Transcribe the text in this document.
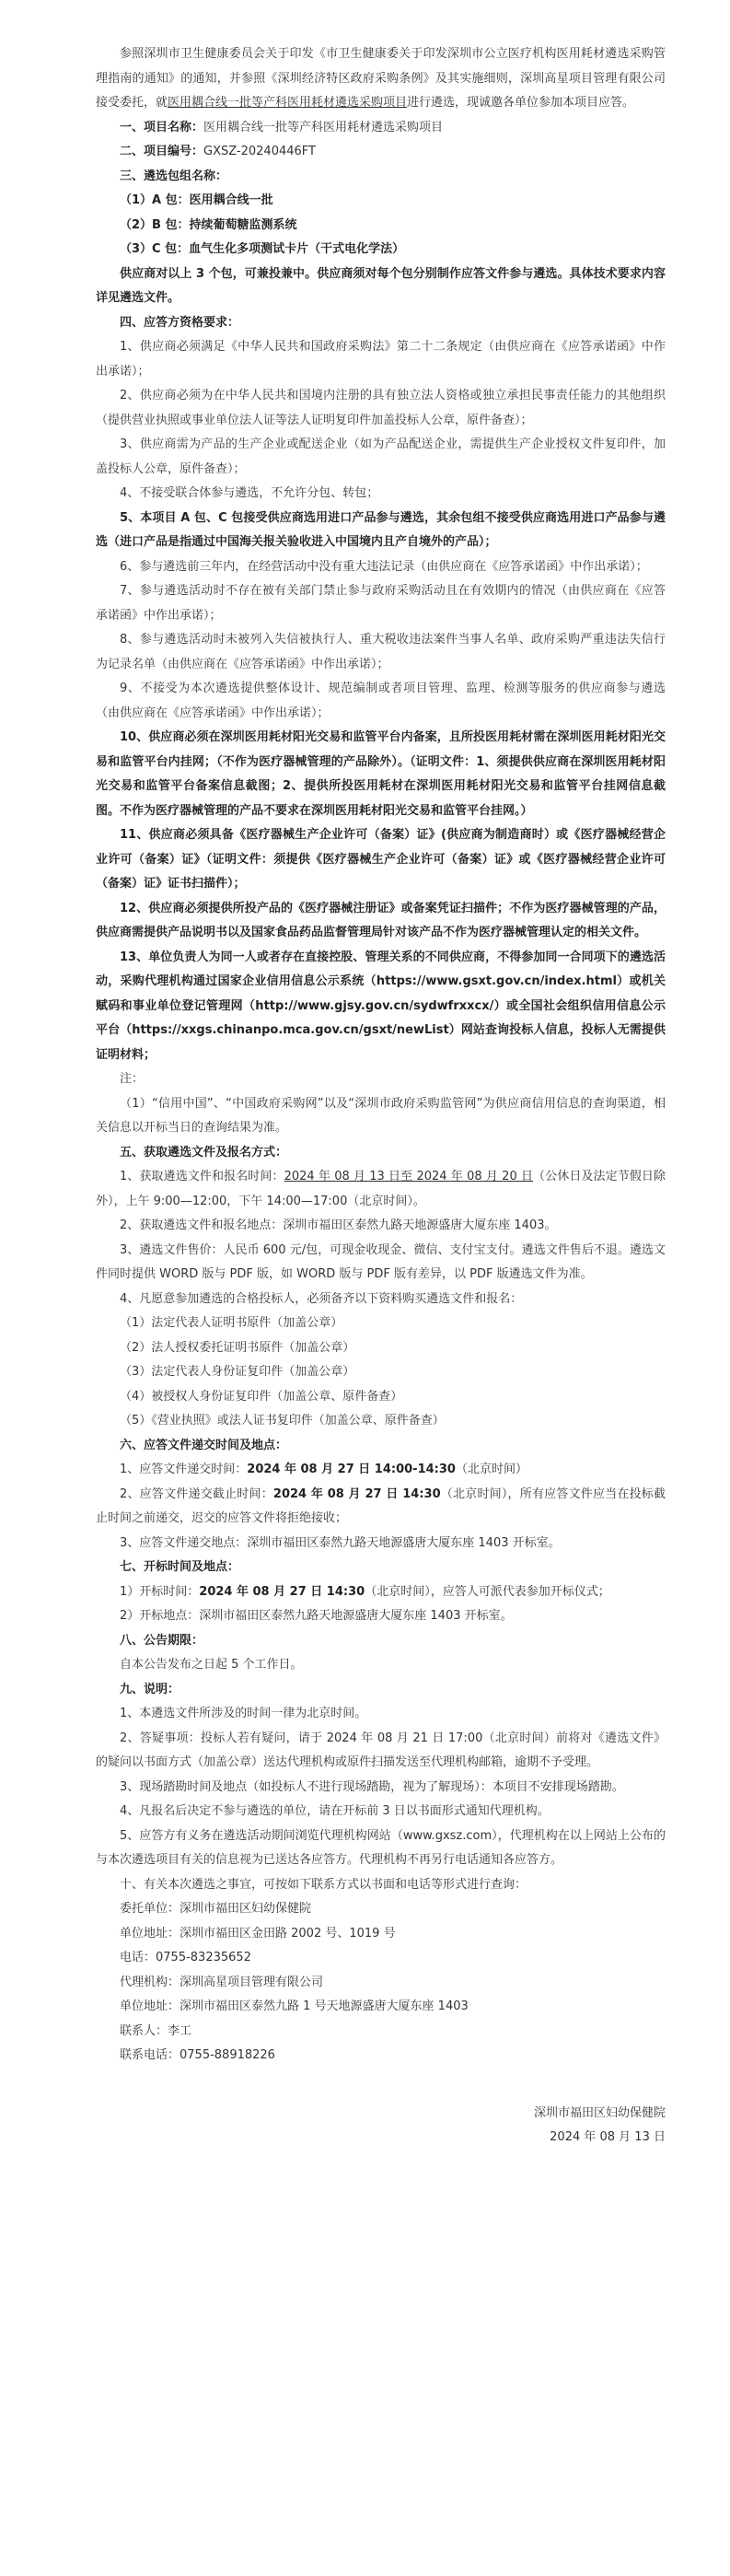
参照深圳市卫生健康委员会关于印发《市卫生健康委关于印发深圳市公立医疗机构医用耗材遴选采购管理指南的通知》的通知，并参照《深圳经济特区政府采购条例》及其实施细则，深圳高星项目管理有限公司接受委托，就医用耦合线一批等产科医用耗材遴选采购项目进行遴选，现诚邀各单位参加本项目应答。

一、项目名称：医用耦合线一批等产科医用耗材遴选采购项目

二、项目编号：GXSZ-20240446FT

三、遴选包组名称：

（1）A 包：医用耦合线一批

（2）B 包：持续葡萄糖监测系统

（3）C 包：血气生化多项测试卡片（干式电化学法）

供应商对以上 3 个包，可兼投兼中。供应商须对每个包分别制作应答文件参与遴选。具体技术要求内容详见遴选文件。

四、应答方资格要求：

1、供应商必须满足《中华人民共和国政府采购法》第二十二条规定（由供应商在《应答承诺函》中作出承诺）；

2、供应商必须为在中华人民共和国境内注册的具有独立法人资格或独立承担民事责任能力的其他组织（提供营业执照或事业单位法人证等法人证明复印件加盖投标人公章，原件备查）；

3、供应商需为产品的生产企业或配送企业（如为产品配送企业，需提供生产企业授权文件复印件，加盖投标人公章，原件备查）；

4、不接受联合体参与遴选，不允许分包、转包；

5、本项目 A 包、C 包接受供应商选用进口产品参与遴选，其余包组不接受供应商选用进口产品参与遴选（进口产品是指通过中国海关报关验收进入中国境内且产自境外的产品）；

6、参与遴选前三年内，在经营活动中没有重大违法记录（由供应商在《应答承诺函》中作出承诺）；

7、参与遴选活动时不存在被有关部门禁止参与政府采购活动且在有效期内的情况（由供应商在《应答承诺函》中作出承诺）；

8、参与遴选活动时未被列入失信被执行人、重大税收违法案件当事人名单、政府采购严重违法失信行为记录名单（由供应商在《应答承诺函》中作出承诺）；

9、不接受为本次遴选提供整体设计、规范编制或者项目管理、监理、检测等服务的供应商参与遴选（由供应商在《应答承诺函》中作出承诺）；

10、供应商必须在深圳医用耗材阳光交易和监管平台内备案，且所投医用耗材需在深圳医用耗材阳光交易和监管平台内挂网；（不作为医疗器械管理的产品除外）。（证明文件：1、须提供供应商在深圳医用耗材阳光交易和监管平台备案信息截图；2、提供所投医用耗材在深圳医用耗材阳光交易和监管平台挂网信息截图。不作为医疗器械管理的产品不要求在深圳医用耗材阳光交易和监管平台挂网。）

11、供应商必须具备《医疗器械生产企业许可（备案）证》(供应商为制造商时）或《医疗器械经营企业许可（备案）证》（证明文件：须提供《医疗器械生产企业许可（备案）证》或《医疗器械经营企业许可（备案）证》证书扫描件）；

12、供应商必须提供所投产品的《医疗器械注册证》或备案凭证扫描件；不作为医疗器械管理的产品，供应商需提供产品说明书以及国家食品药品监督管理局针对该产品不作为医疗器械管理认定的相关文件。

13、单位负责人为同一人或者存在直接控股、管理关系的不同供应商，不得参加同一合同项下的遴选活动，采购代理机构通过国家企业信用信息公示系统（https://www.gsxt.gov.cn/index.html）或机关赋码和事业单位登记管理网（http://www.gjsy.gov.cn/sydwfrxxcx/）或全国社会组织信用信息公示平台（https://xxgs.chinanpo.mca.gov.cn/gsxt/newList）网站查询投标人信息，投标人无需提供证明材料；

注：

（1）“信用中国”、“中国政府采购网”以及“深圳市政府采购监管网”为供应商信用信息的查询渠道，相关信息以开标当日的查询结果为准。

五、获取遴选文件及报名方式：

1、获取遴选文件和报名时间：2024 年 08 月 13 日至 2024 年 08 月 20 日（公休日及法定节假日除外），上午 9:00—12:00，下午 14:00—17:00（北京时间）。

2、获取遴选文件和报名地点：深圳市福田区泰然九路天地源盛唐大厦东座 1403。

3、遴选文件售价：人民币 600 元/包，可现金收现金、微信、支付宝支付。遴选文件售后不退。遴选文件同时提供 WORD 版与 PDF 版，如 WORD 版与 PDF 版有差异，以 PDF 版遴选文件为准。

4、凡愿意参加遴选的合格投标人，必须备齐以下资料购买遴选文件和报名：

（1）法定代表人证明书原件（加盖公章）

（2）法人授权委托证明书原件（加盖公章）

（3）法定代表人身份证复印件（加盖公章）

（4）被授权人身份证复印件（加盖公章、原件备查）

（5）《营业执照》或法人证书复印件（加盖公章、原件备查）

六、应答文件递交时间及地点：

1、应答文件递交时间：2024 年 08 月 27 日 14:00-14:30（北京时间）

2、应答文件递交截止时间：2024 年 08 月 27 日 14:30（北京时间），所有应答文件应当在投标截止时间之前递交，迟交的应答文件将拒绝接收；

3、应答文件递交地点：深圳市福田区泰然九路天地源盛唐大厦东座 1403 开标室。

七、开标时间及地点：

1）开标时间：2024 年 08 月 27 日 14:30（北京时间），应答人可派代表参加开标仪式；

2）开标地点：深圳市福田区泰然九路天地源盛唐大厦东座 1403 开标室。

八、公告期限：

自本公告发布之日起 5 个工作日。

九、说明：

1、本遴选文件所涉及的时间一律为北京时间。

2、答疑事项：投标人若有疑问，请于 2024 年 08 月 21 日 17:00（北京时间）前将对《遴选文件》的疑问以书面方式（加盖公章）送达代理机构或原件扫描发送至代理机构邮箱，逾期不予受理。

3、现场踏勘时间及地点（如投标人不进行现场踏勘，视为了解现场）：本项目不安排现场踏勘。

4、凡报名后决定不参与遴选的单位，请在开标前 3 日以书面形式通知代理机构。

5、应答方有义务在遴选活动期间浏览代理机构网站（www.gxsz.com），代理机构在以上网站上公布的与本次遴选项目有关的信息视为已送达各应答方。代理机构不再另行电话通知各应答方。

十、有关本次遴选之事宜，可按如下联系方式以书面和电话等形式进行查询：

委托单位：深圳市福田区妇幼保健院

单位地址：深圳市福田区金田路 2002 号、1019 号

电话：0755-83235652

代理机构：深圳高星项目管理有限公司

单位地址：深圳市福田区泰然九路 1 号天地源盛唐大厦东座 1403

联系人：李工

联系电话：0755-88918226

深圳市福田区妇幼保健院

2024 年 08 月 13 日
